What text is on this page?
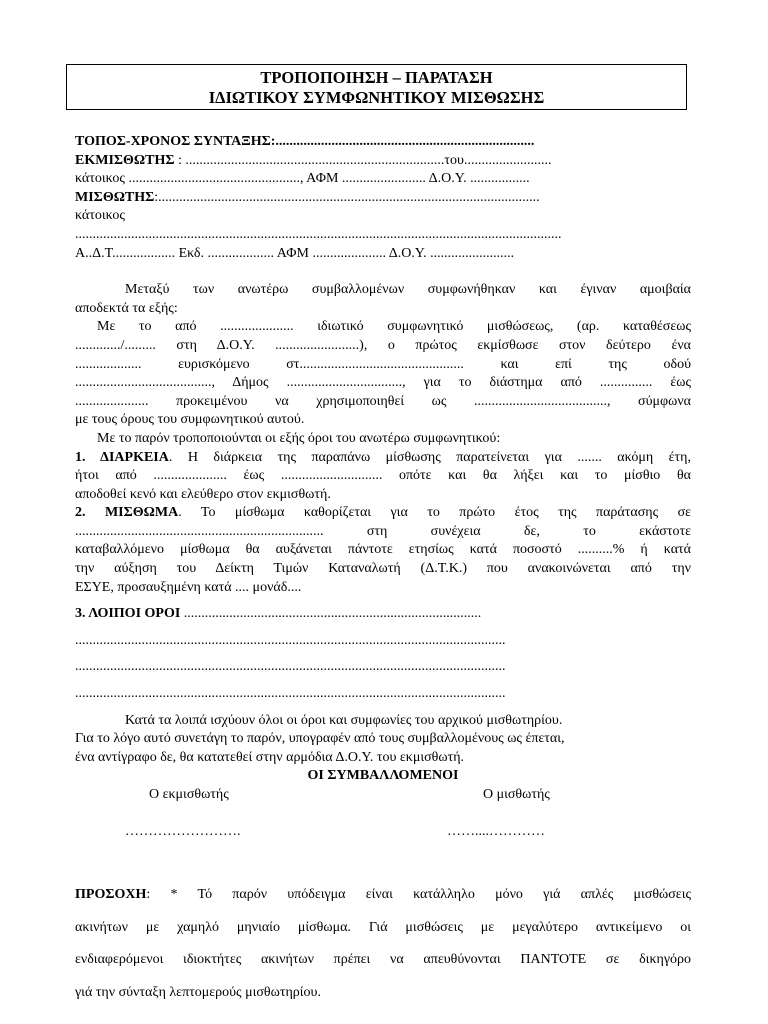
ΤΡΟΠΟΠΟΙΗΣΗ – ΠΑΡΑΤΑΣΗ
ΙΔΙΩΤΙΚΟΥ ΣΥΜΦΩΝΗΤΙΚΟΥ ΜΙΣΘΩΣΗΣ

ΤΟΠΟΣ-ΧΡΟΝΟΣ ΣΥΝΤΑΞΗΣ:..........................................................................

ΕΚΜΙΣΘΩΤΗΣ : ..........................................................................του.........................

κάτοικος ................................................., ΑΦΜ ........................ Δ.Ο.Υ. .................

ΜΙΣΘΩΤΗΣ:.............................................................................................................

κάτοικος

...........................................................................................................................................

Α..Δ.Τ.................. Εκδ. ................... ΑΦΜ ..................... Δ.Ο.Υ. ........................

Μεταξύ των ανωτέρω συμβαλλομένων συμφωνήθηκαν και έγιναν αμοιβαία

αποδεκτά τα εξής:

Με το από ..................... ιδιωτικό συμφωνητικό μισθώσεως, (αρ. καταθέσεως

............./......... στη Δ.Ο.Υ. ........................), ο πρώτος εκμίσθωσε στον δεύτερο ένα

................... ευρισκόμενο στ............................................... και επί της οδού

......................................., Δήμος ................................., για το διάστημα από ............... έως

..................... προκειμένου να χρησιμοποιηθεί ως ......................................, σύμφωνα

με τους όρους του συμφωνητικού αυτού.

Με το παρόν τροποποιούνται οι εξής όροι του ανωτέρω συμφωνητικού:

1. ΔΙΑΡΚΕΙΑ. Η διάρκεια της παραπάνω μίσθωσης παρατείνεται για ....... ακόμη έτη,

ήτοι από ..................... έως ............................. οπότε και θα λήξει και το μίσθιο θα

αποδοθεί κενό και ελεύθερο στον εκμισθωτή.

2. ΜΙΣΘΩΜΑ. Το μίσθωμα καθορίζεται για το πρώτο έτος της παράτασης σε

....................................................................... στη συνέχεια δε, το εκάστοτε

καταβαλλόμενο μίσθωμα θα αυξάνεται πάντοτε ετησίως κατά ποσοστό ..........% ή κατά

την αύξηση του Δείκτη Τιμών Καταναλωτή (Δ.Τ.Κ.) που ανακοινώνεται από την

ΕΣΥΕ, προσαυξημένη κατά .... μονάδ....

3. ΛΟΙΠΟΙ ΟΡΟΙ .....................................................................................

...........................................................................................................................

...........................................................................................................................

...........................................................................................................................

Κατά τα λοιπά ισχύουν όλοι οι όροι και συμφωνίες του αρχικού μισθωτηρίου.

Για το λόγο αυτό συνετάγη το παρόν, υπογραφέν από τους συμβαλλομένους ως έπεται,

ένα αντίγραφο δε, θα κατατεθεί στην αρμόδια Δ.Ο.Υ. του εκμισθωτή.

ΟΙ ΣΥΜΒΑΛΛΟΜΕΝΟΙ

Ο εκμισθωτής	Ο μισθωτής
…………………….	……....…………

ΠΡΟΣΟΧΗ: * Τό παρόν υπόδειγμα είναι κατάλληλο μόνο γιά απλές μισθώσεις

ακινήτων με χαμηλό μηνιαίο μίσθωμα. Γιά μισθώσεις με μεγαλύτερο αντικείμενο οι

ενδιαφερόμενοι ιδιοκτήτες ακινήτων πρέπει να απευθύνονται ΠΑΝΤΟΤΕ σε δικηγόρο

γιά την σύνταξη λεπτομερούς μισθωτηρίου.
